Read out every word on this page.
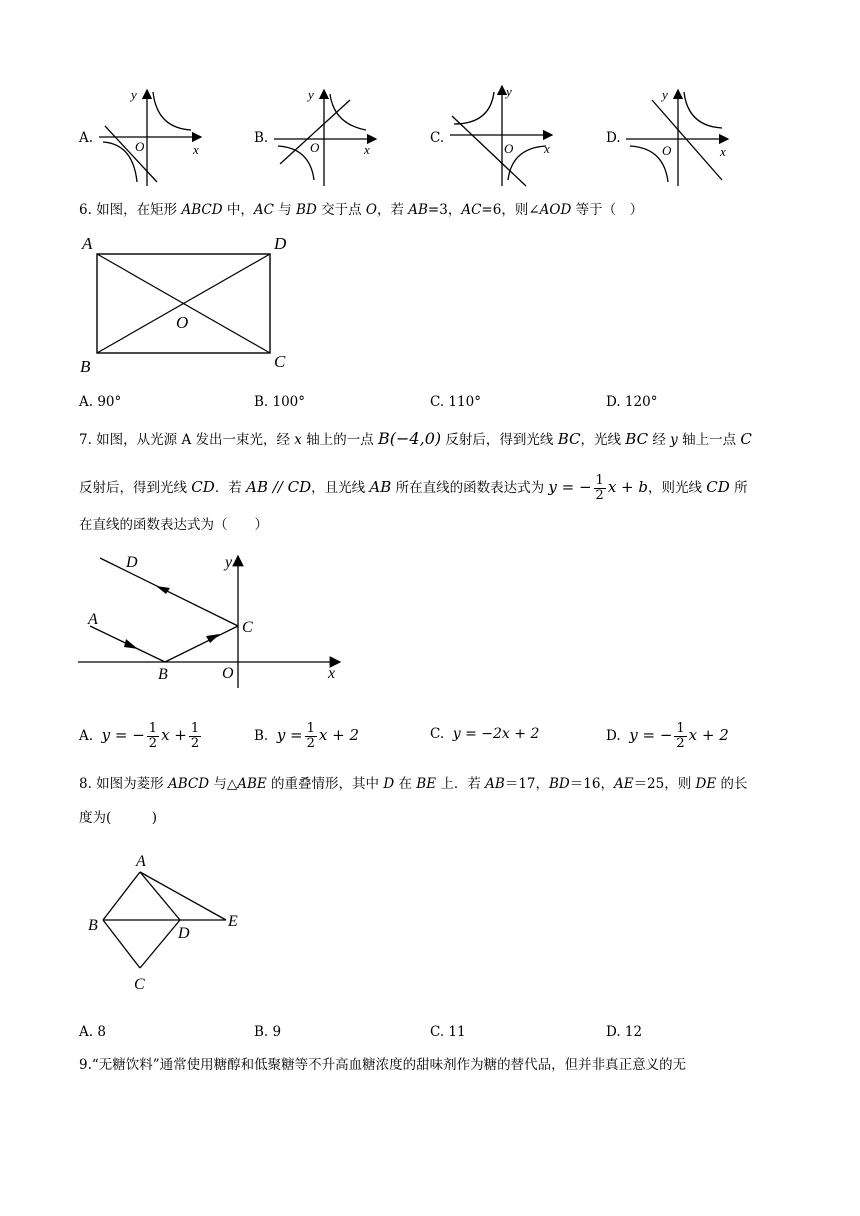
A.
y
x
O
B.
y
x
O
C.
y
x
O
D.
y
x
O
6. 如图，在矩形 ABCD 中，AC 与 BD 交于点 O，若 AB=3，AC=6，则∠AOD 等于（　）
A	D
B	C
O
A. 90°	B. 100°	C. 110°	D. 120°
7. 如图，从光源 A 发出一束光，经 x 轴上的一点 B(−4,0) 反射后，得到光线 BC，光线 BC 经 y 轴上一点 C
反射后，得到光线 CD．若 AB // CD，且光线 AB 所在直线的函数表达式为 y = − $\frac{1}{2}$ x + b，则光线 CD 所
在直线的函数表达式为（　　）
D
A
B
C
O	x
y
A. y = − $\frac{1}{2}$ $x + \frac{1}{2}$	B. $y = \frac{1}{2}$ x + 2	C. y = −2x + 2	D. y = − $\frac{1}{2}$ x + 2
8. 如图为菱形 ABCD 与△ABE 的重叠情形，其中 D 在 BE 上．若 AB＝17，BD＝16，AE＝25，则 DE 的长
度为(　　　)
A
B	D
E
C
A. 8	B. 9	C. 11	D. 12
9.“无糖饮料”通常使用糖醇和低聚糖等不升高血糖浓度的甜味剂作为糖的替代品，但并非真正意义的无
